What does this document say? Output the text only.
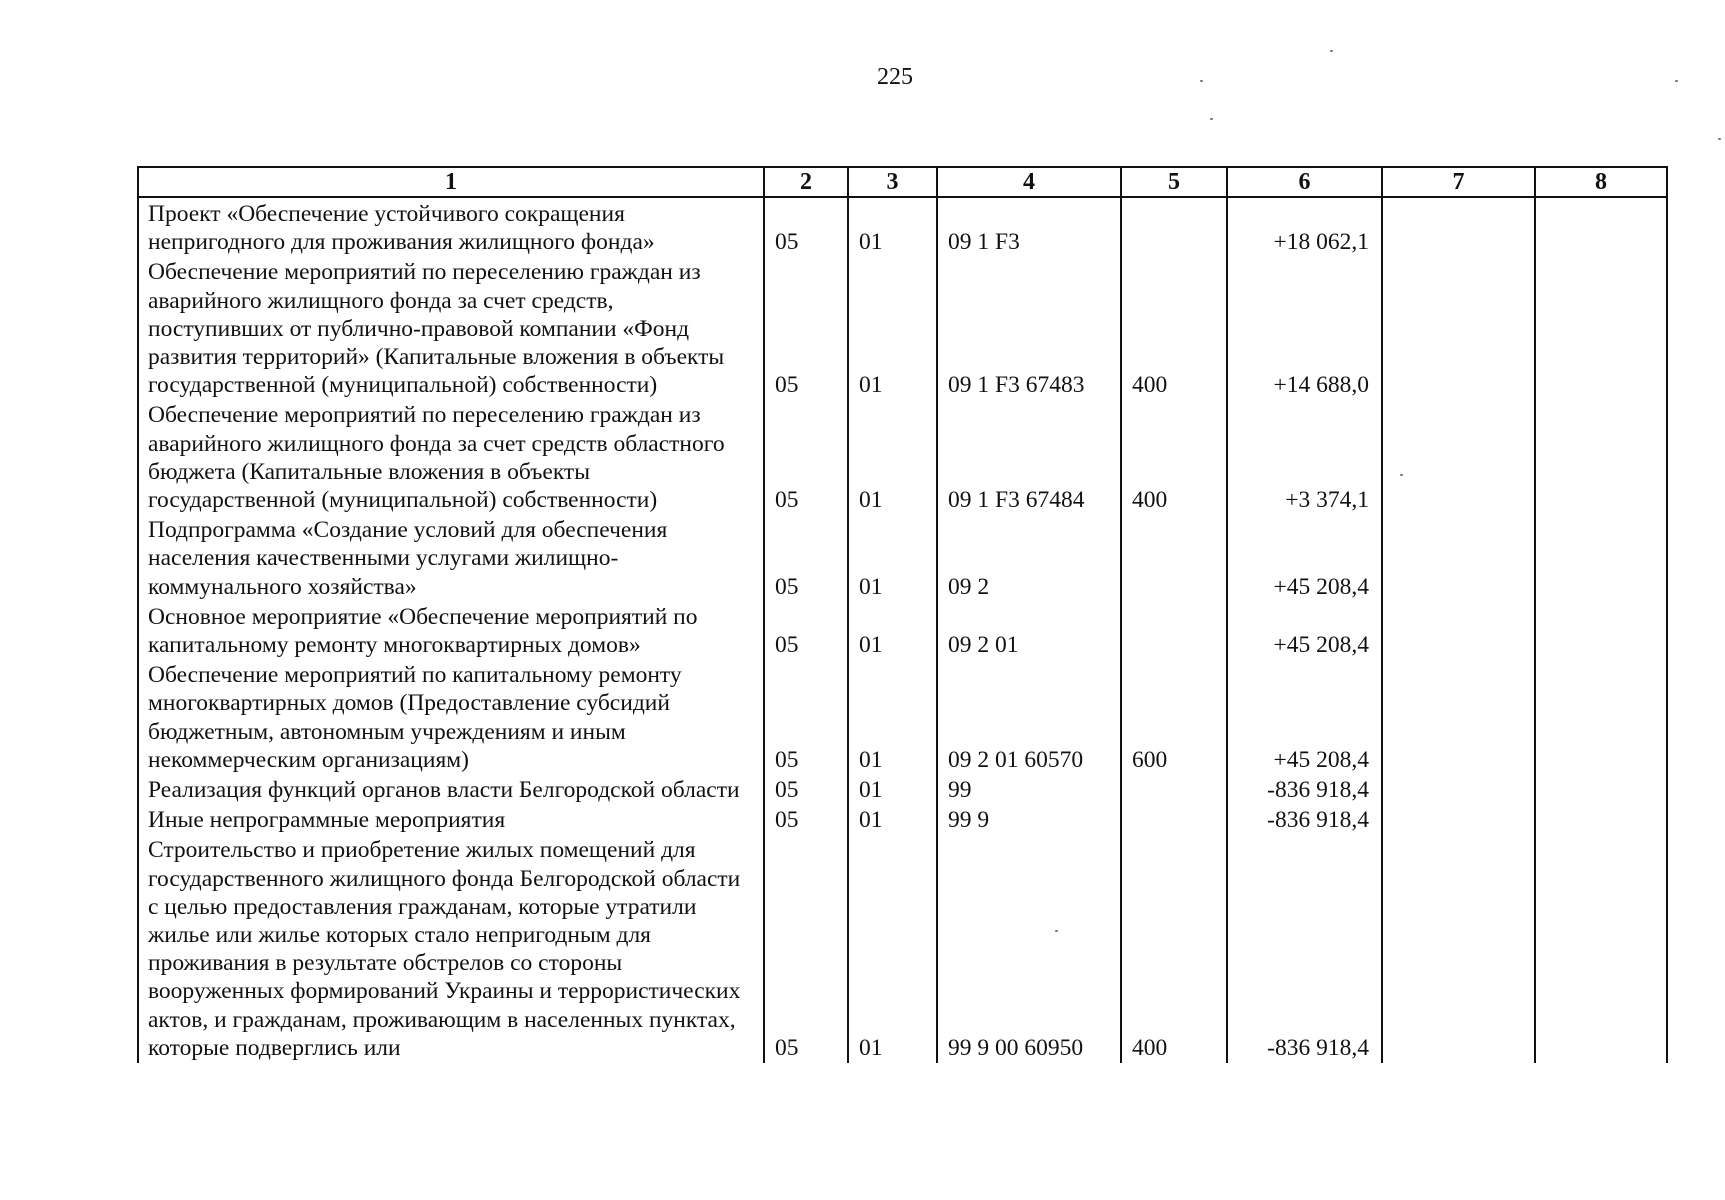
225
1	2	3	4	5	6	7	8
Проект «Обеспечение устойчивого сокращения непригодного для проживания жилищного фонда»	05	01	09 1 F3		+18 062,1		
Обеспечение мероприятий по переселению граждан из аварийного жилищного фонда за счет средств, поступивших от публично-правовой компании «Фонд развития территорий» (Капитальные вложения в объекты государственной (муниципальной) собственности)	05	01	09 1 F3 67483	400	+14 688,0		
Обеспечение мероприятий по переселению граждан из аварийного жилищного фонда за счет средств областного бюджета (Капитальные вложения в объекты государственной (муниципальной) собственности)	05	01	09 1 F3 67484	400	+3 374,1		
Подпрограмма «Создание условий для обеспечения населения качественными услугами жилищно-коммунального хозяйства»	05	01	09 2		+45 208,4		
Основное мероприятие «Обеспечение мероприятий по капитальному ремонту многоквартирных домов»	05	01	09 2 01		+45 208,4		
Обеспечение мероприятий по капитальному ремонту многоквартирных домов (Предоставление субсидий бюджетным, автономным учреждениям и иным некоммерческим организациям)	05	01	09 2 01 60570	600	+45 208,4		
Реализация функций органов власти Белгородской области	05	01	99		-836 918,4		
Иные непрограммные мероприятия	05	01	99 9		-836 918,4		
Строительство и приобретение жилых помещений для государственного жилищного фонда Белгородской области с целью предоставления гражданам, которые утратили жилье или жилье которых стало непригодным для проживания в результате обстрелов со стороны вооруженных формирований Украины и террористических актов, и гражданам, проживающим в населенных пунктах, которые подверглись или	05	01	99 9 00 60950	400	-836 918,4		
